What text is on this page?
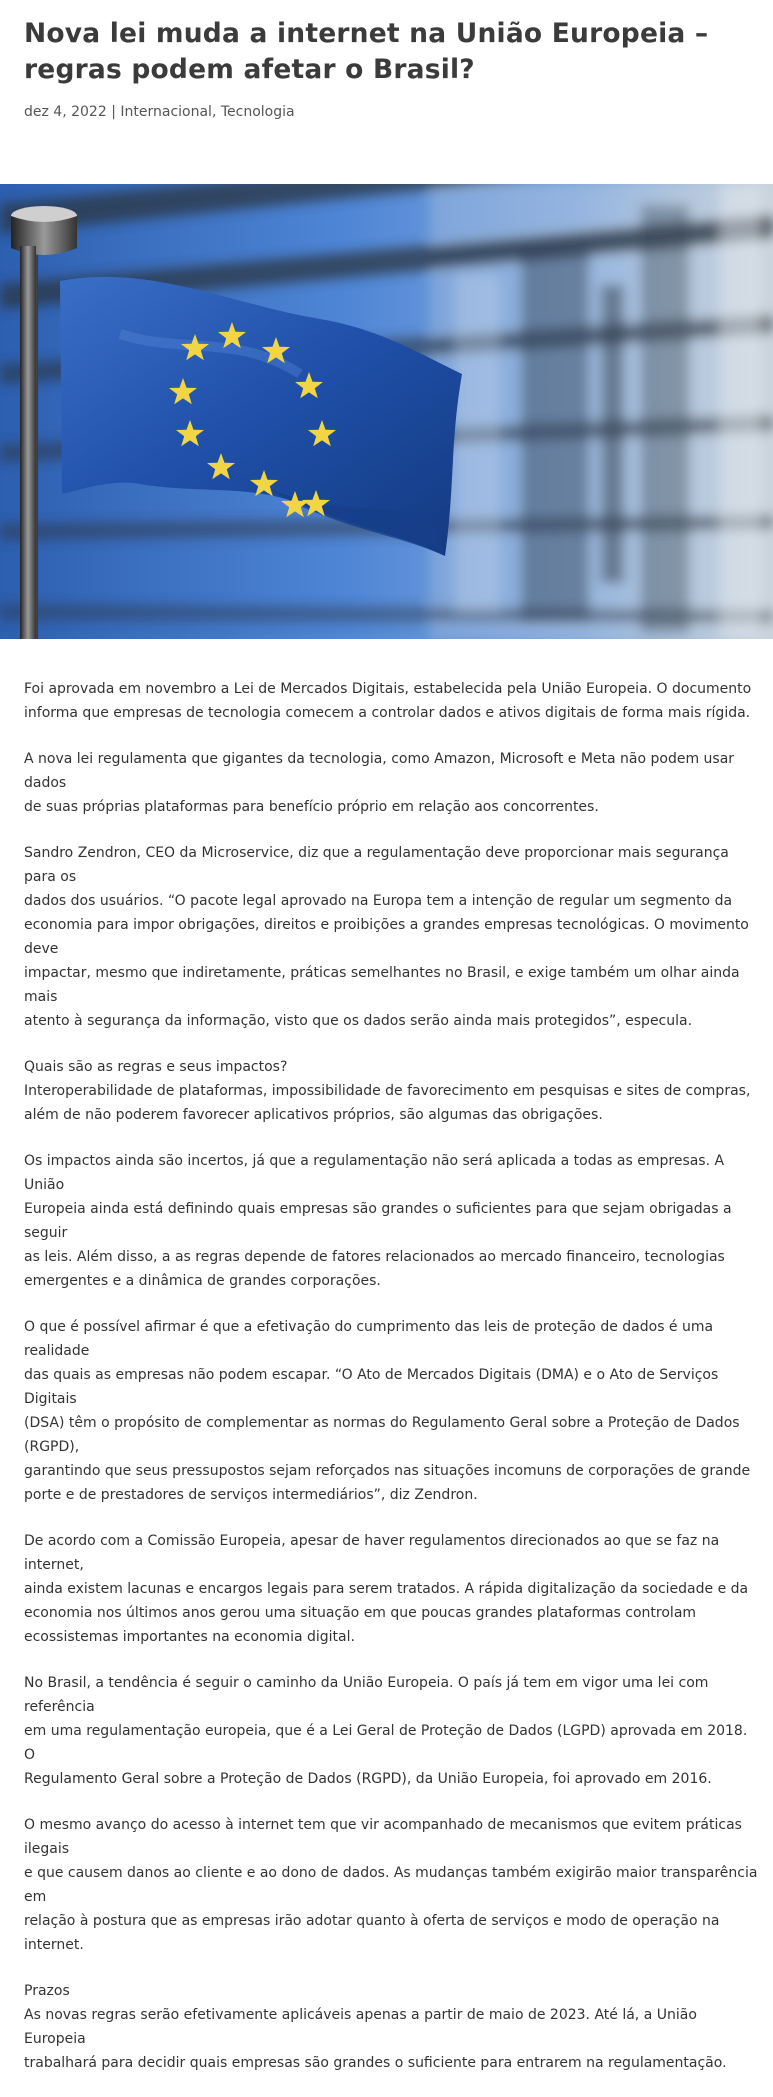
Nova lei muda a internet na União Europeia – regras podem afetar o Brasil?
dez 4, 2022 | Internacional, Tecnologia

Foi aprovada em novembro a Lei de Mercados Digitais, estabelecida pela União Europeia. O documento
informa que empresas de tecnologia comecem a controlar dados e ativos digitais de forma mais rígida.

A nova lei regulamenta que gigantes da tecnologia, como Amazon, Microsoft e Meta não podem usar dados
de suas próprias plataformas para benefício próprio em relação aos concorrentes.

Sandro Zendron, CEO da Microservice, diz que a regulamentação deve proporcionar mais segurança para os
dados dos usuários. “O pacote legal aprovado na Europa tem a intenção de regular um segmento da
economia para impor obrigações, direitos e proibições a grandes empresas tecnológicas. O movimento deve
impactar, mesmo que indiretamente, práticas semelhantes no Brasil, e exige também um olhar ainda mais
atento à segurança da informação, visto que os dados serão ainda mais protegidos”, especula.

Quais são as regras e seus impactos?
Interoperabilidade de plataformas, impossibilidade de favorecimento em pesquisas e sites de compras,
além de não poderem favorecer aplicativos próprios, são algumas das obrigações.

Os impactos ainda são incertos, já que a regulamentação não será aplicada a todas as empresas. A União
Europeia ainda está definindo quais empresas são grandes o suficientes para que sejam obrigadas a seguir
as leis. Além disso, a as regras depende de fatores relacionados ao mercado financeiro, tecnologias
emergentes e a dinâmica de grandes corporações.

O que é possível afirmar é que a efetivação do cumprimento das leis de proteção de dados é uma realidade
das quais as empresas não podem escapar. “O Ato de Mercados Digitais (DMA) e o Ato de Serviços Digitais
(DSA) têm o propósito de complementar as normas do Regulamento Geral sobre a Proteção de Dados (RGPD),
garantindo que seus pressupostos sejam reforçados nas situações incomuns de corporações de grande
porte e de prestadores de serviços intermediários”, diz Zendron.

De acordo com a Comissão Europeia, apesar de haver regulamentos direcionados ao que se faz na internet,
ainda existem lacunas e encargos legais para serem tratados. A rápida digitalização da sociedade e da
economia nos últimos anos gerou uma situação em que poucas grandes plataformas controlam
ecossistemas importantes na economia digital.

No Brasil, a tendência é seguir o caminho da União Europeia. O país já tem em vigor uma lei com referência
em uma regulamentação europeia, que é a Lei Geral de Proteção de Dados (LGPD) aprovada em 2018. O
Regulamento Geral sobre a Proteção de Dados (RGPD), da União Europeia, foi aprovado em 2016.

O mesmo avanço do acesso à internet tem que vir acompanhado de mecanismos que evitem práticas ilegais
e que causem danos ao cliente e ao dono de dados. As mudanças também exigirão maior transparência em
relação à postura que as empresas irão adotar quanto à oferta de serviços e modo de operação na internet.

Prazos
As novas regras serão efetivamente aplicáveis apenas a partir de maio de 2023. Até lá, a União Europeia
trabalhará para decidir quais empresas são grandes o suficiente para entrarem na regulamentação.
